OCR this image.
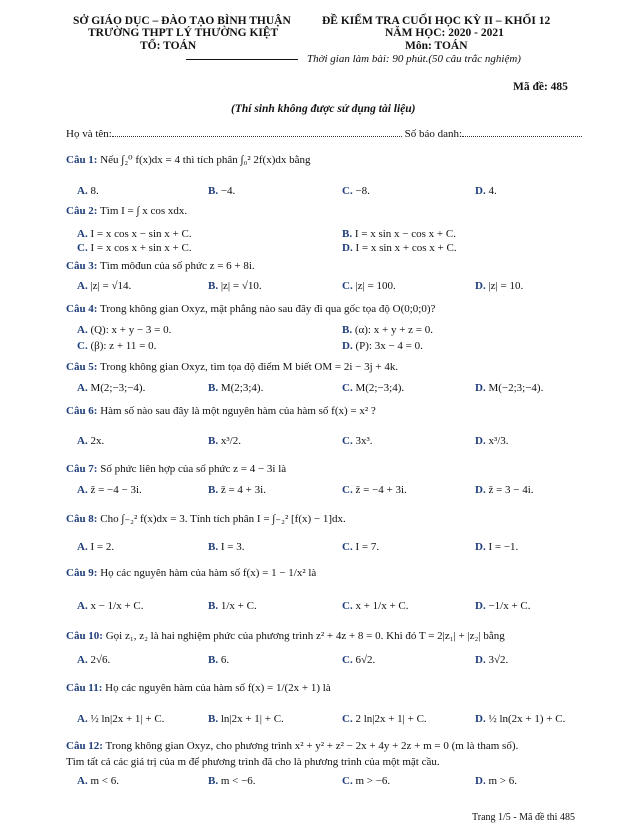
SỞ GIÁO DỤC – ĐÀO TẠO BÌNH THUẬN
TRƯỜNG THPT LÝ THƯỜNG KIỆT
TỔ: TOÁN
ĐỀ KIỂM TRA CUỐI HỌC KỲ II – KHỐI 12
NĂM HỌC: 2020 - 2021
Môn: TOÁN
Thời gian làm bài: 90 phút.(50 câu trắc nghiệm)
Mã đề: 485
(Thí sinh không được sử dụng tài liệu)
Họ và tên:	Số báo danh:
Câu 1: Nếu ∫₂⁰ f(x)dx = 4 thì tích phân ∫₀² 2f(x)dx bằng
A. 8.	B. −4.	C. −8.	D. 4.
Câu 2: Tìm I = ∫ x cos xdx.
A. I = x cos x − sin x + C.	B. I = x sin x − cos x + C.
C. I = x cos x + sin x + C.	D. I = x sin x + cos x + C.
Câu 3: Tìm môđun của số phức z = 6 + 8i.
A. |z| = √14.	B. |z| = √10.	C. |z| = 100.	D. |z| = 10.
Câu 4: Trong không gian Oxyz, mặt phẳng nào sau đây đi qua gốc tọa độ O(0;0;0)?
A. (Q): x + y − 3 = 0.	B. (α): x + y + z = 0.
C. (β): z + 11 = 0.	D. (P): 3x − 4 = 0.
Câu 5: Trong không gian Oxyz, tìm tọa độ điểm M biết OM = 2i − 3j + 4k.
A. M(2;−3;−4).	B. M(2;3;4).	C. M(2;−3;4).	D. M(−2;3;−4).
Câu 6: Hàm số nào sau đây là một nguyên hàm của hàm số f(x) = x² ?
A. 2x.	B. x³/2.	C. 3x³.	D. x³/3.
Câu 7: Số phức liên hợp của số phức z = 4 − 3i là
A. z̄ = −4 − 3i.	B. z̄ = 4 + 3i.	C. z̄ = −4 + 3i.	D. z̄ = 3 − 4i.
Câu 8: Cho ∫₋₂² f(x)dx = 3. Tính tích phân I = ∫₋₂² [f(x) − 1]dx.
A. I = 2.	B. I = 3.	C. I = 7.	D. I = −1.
Câu 9: Họ các nguyên hàm của hàm số f(x) = 1 − 1/x² là
A. x − 1/x + C.	B. 1/x + C.	C. x + 1/x + C.	D. −1/x + C.
Câu 10: Gọi z₁, z₂ là hai nghiệm phức của phương trình z² + 4z + 8 = 0. Khi đó T = 2|z₁| + |z₂| bằng
A. 2√6.	B. 6.	C. 6√2.	D. 3√2.
Câu 11: Họ các nguyên hàm của hàm số f(x) = 1/(2x + 1) là
A. ½ ln|2x + 1| + C.	B. ln|2x + 1| + C.	C. 2 ln|2x + 1| + C.	D. ½ ln(2x + 1) + C.
Câu 12: Trong không gian Oxyz, cho phương trình x² + y² + z² − 2x + 4y + 2z + m = 0 (m là tham số).
Tìm tất cả các giá trị của m để phương trình đã cho là phương trình của một mặt cầu.
A. m < 6.	B. m < −6.	C. m > −6.	D. m > 6.
Trang 1/5 - Mã đề thi 485
